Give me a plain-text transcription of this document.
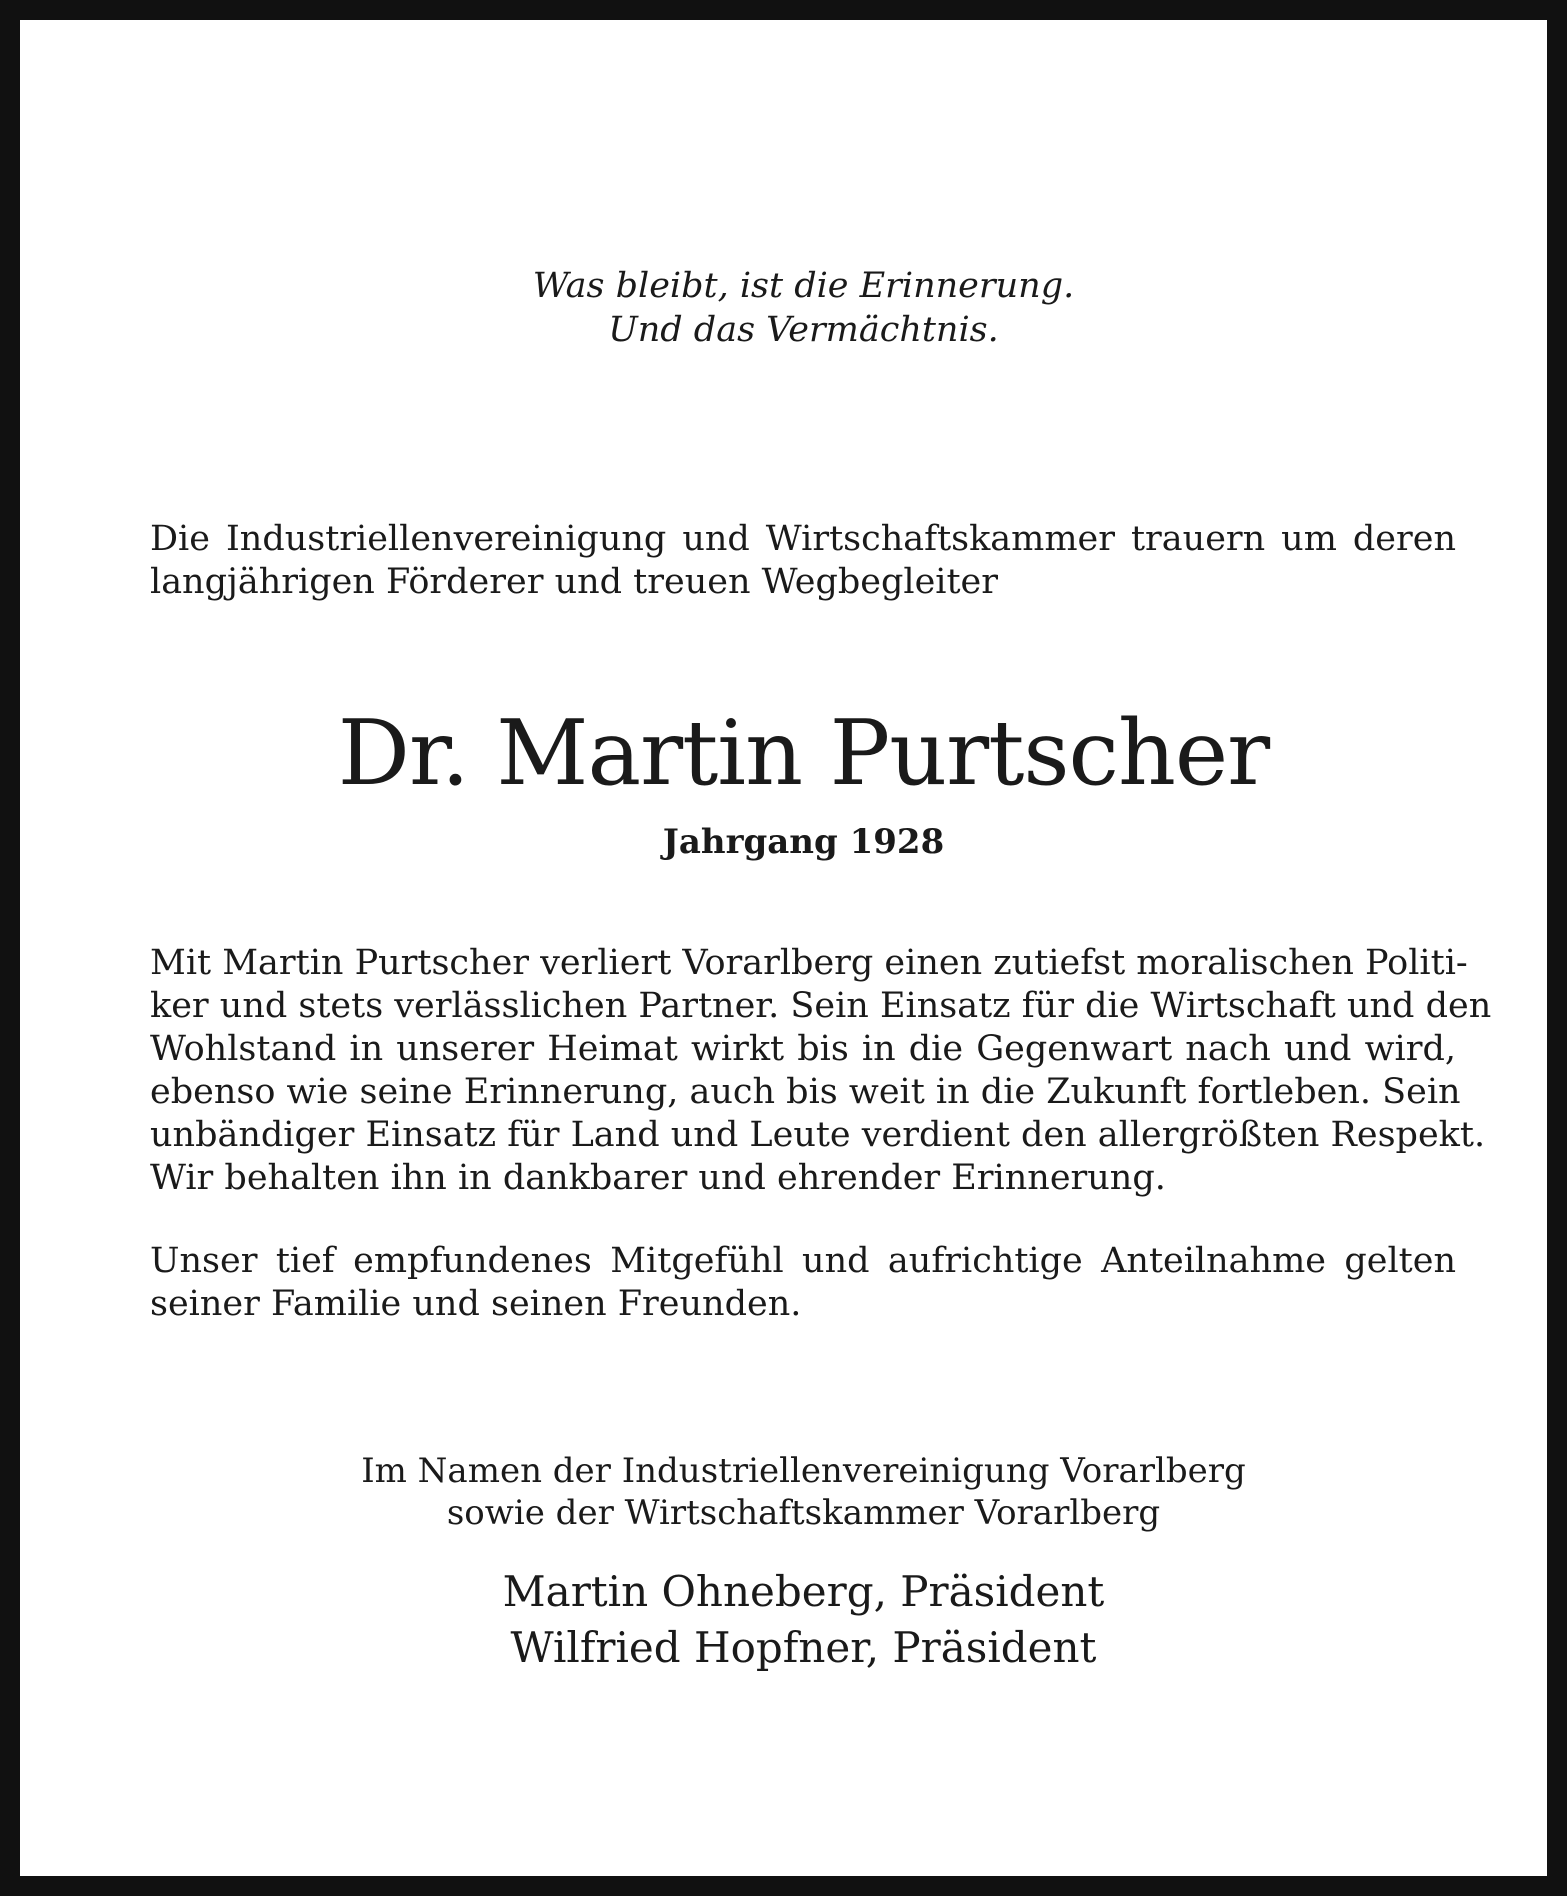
Was bleibt, ist die Erinnerung.
Und das Vermächtnis.
Die Industriellenvereinigung und Wirtschaftskammer trauern um deren langjährigen Förderer und treuen Wegbegleiter
Dr. Martin Purtscher
Jahrgang 1928
Mit Martin Purtscher verliert Vorarlberg einen zutiefst moralischen Politi-
ker und stets verlässlichen Partner. Sein Einsatz für die Wirtschaft und den
Wohlstand in unserer Heimat wirkt bis in die Gegenwart nach und wird,
ebenso wie seine Erinnerung, auch bis weit in die Zukunft fortleben. Sein
unbändiger Einsatz für Land und Leute verdient den allergrößten Respekt.
Wir behalten ihn in dankbarer und ehrender Erinnerung.
Unser tief empfundenes Mitgefühl und aufrichtige Anteilnahme gelten
seiner Familie und seinen Freunden.
Im Namen der Industriellenvereinigung Vorarlberg
sowie der Wirtschaftskammer Vorarlberg
Martin Ohneberg, Präsident
Wilfried Hopfner, Präsident
